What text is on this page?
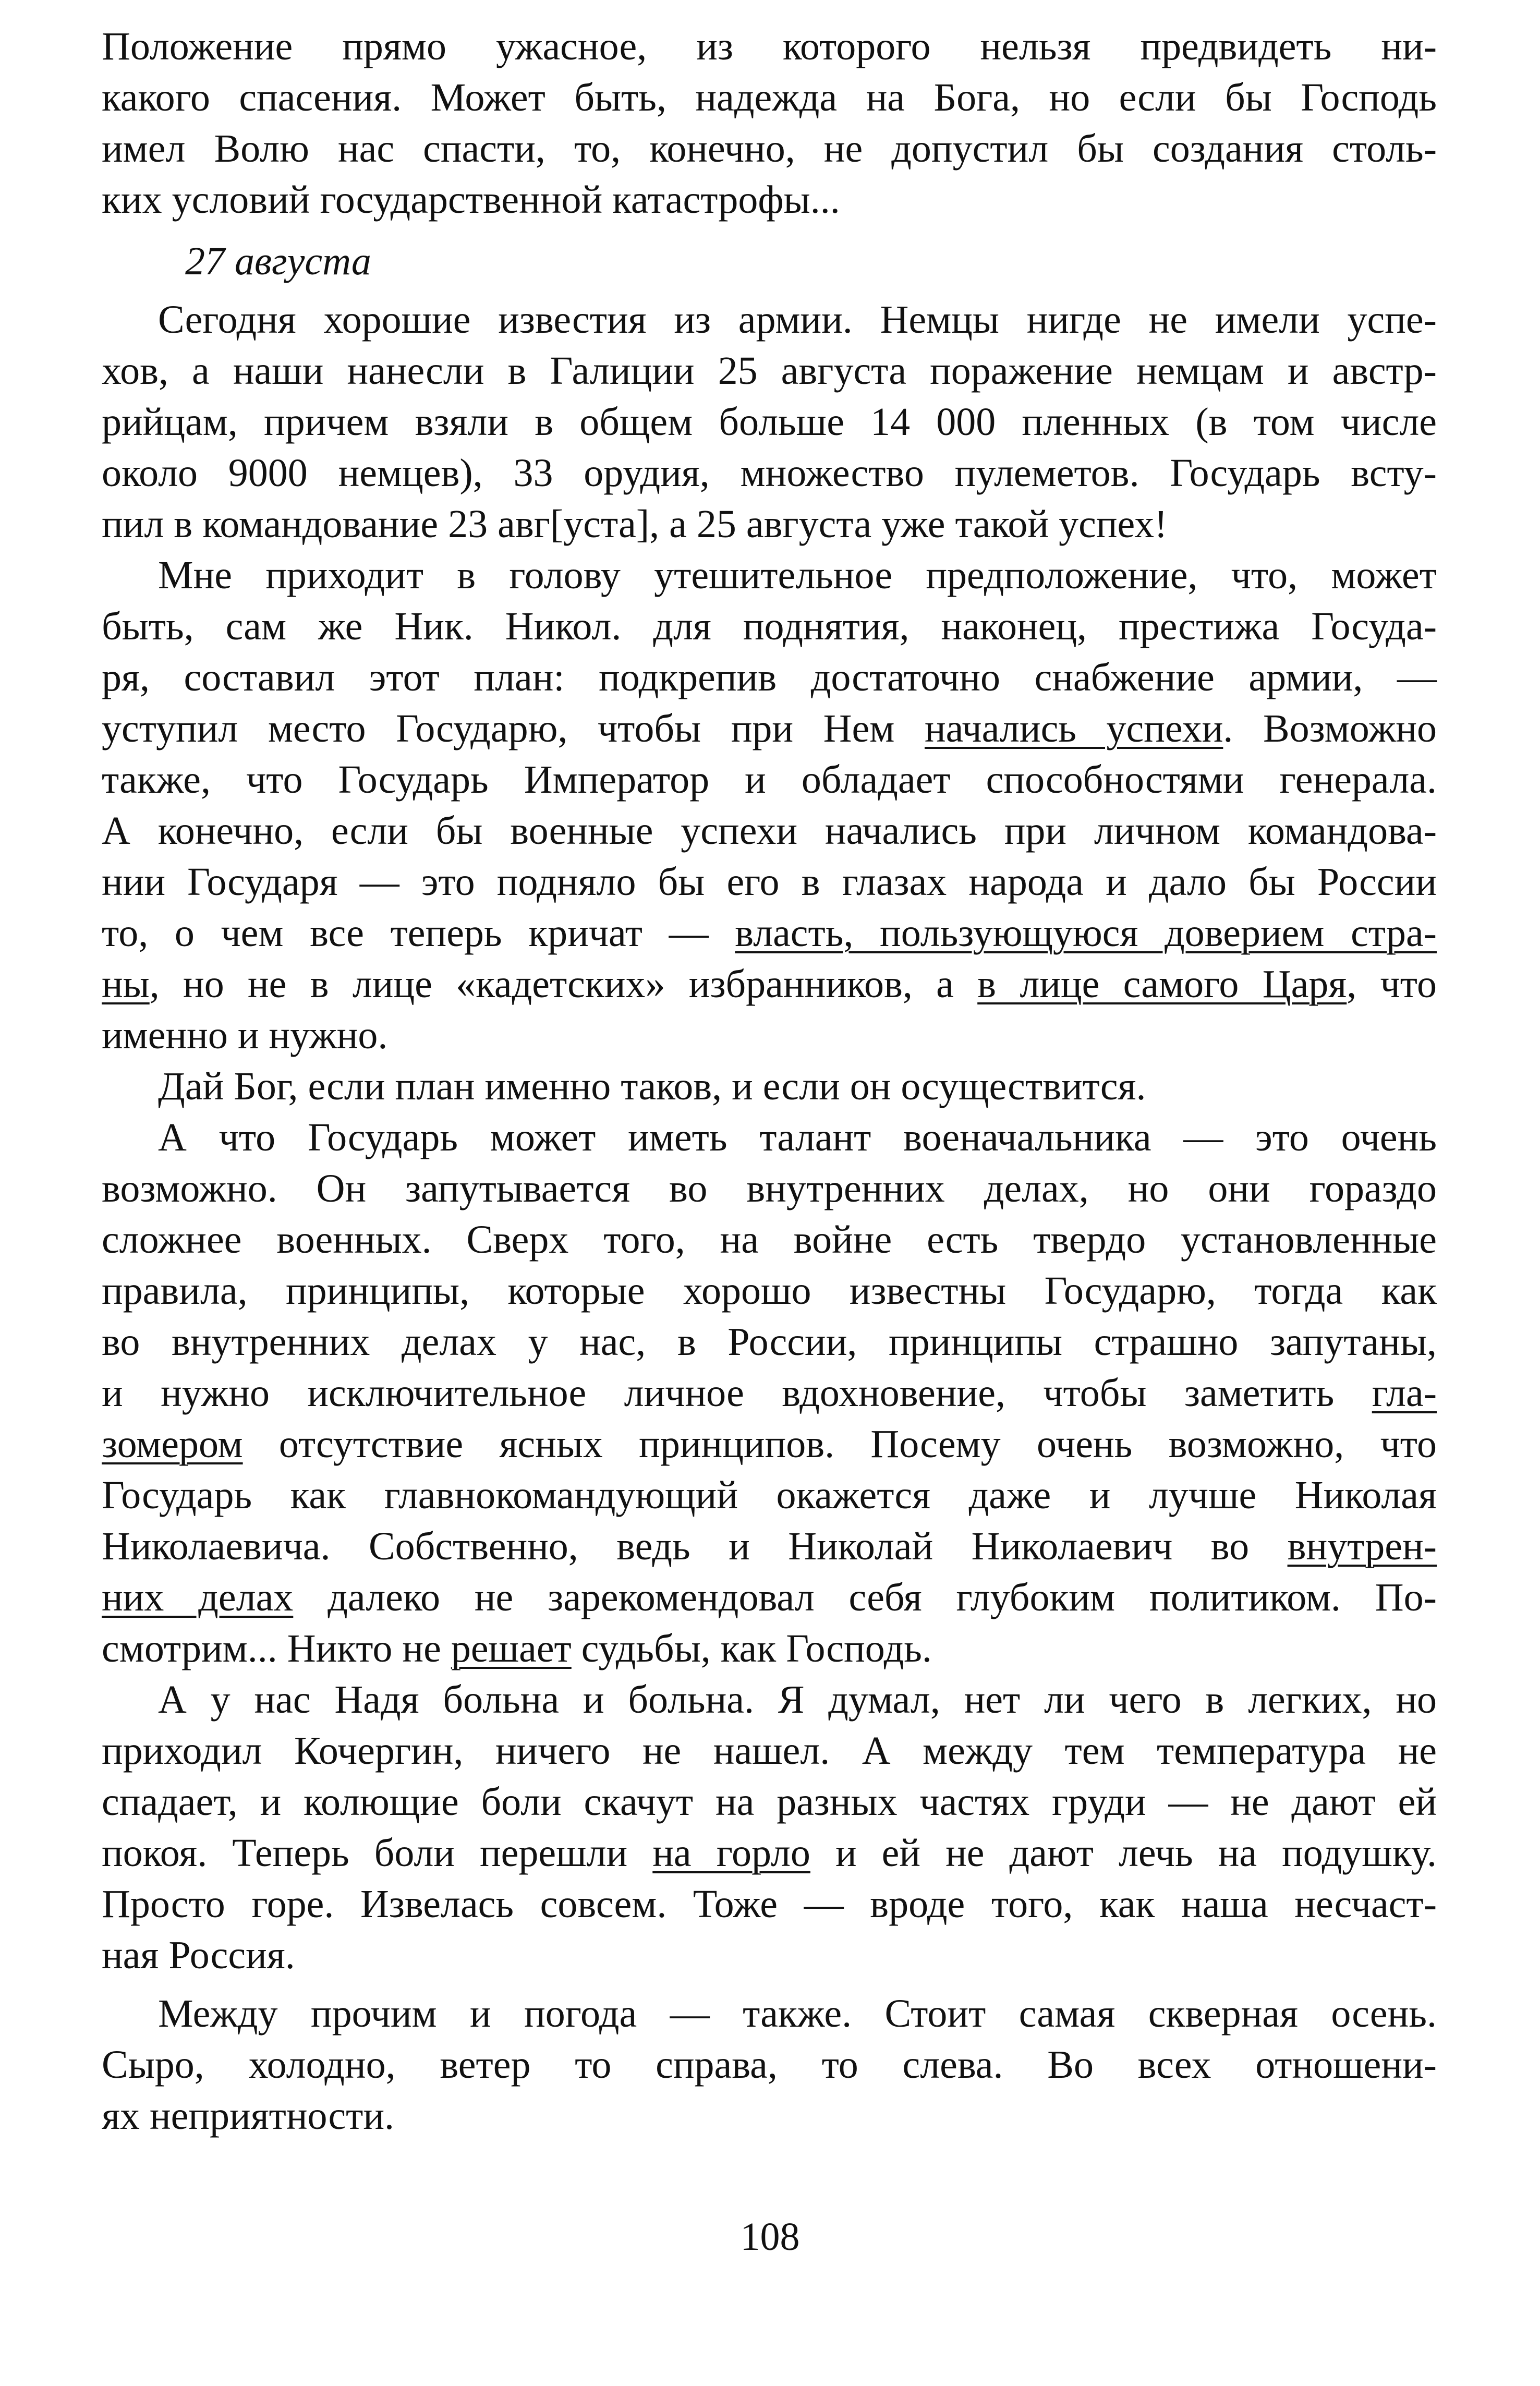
Положение прямо ужасное, из которого нельзя предвидеть ни-
какого спасения. Может быть, надежда на Бога, но если бы Господь
имел Волю нас спасти, то, конечно, не допустил бы создания столь-
ких условий государственной катастрофы...
27 августа
Сегодня хорошие известия из армии. Немцы нигде не имели успе-
хов, а наши нанесли в Галиции 25 августа поражение немцам и австр-
рийцам, причем взяли в общем больше 14 000 пленных (в том числе
около 9000 немцев), 33 орудия, множество пулеметов. Государь всту-
пил в командование 23 авг[уста], а 25 августа уже такой успех!
Мне приходит в голову утешительное предположение, что, может
быть, сам же Ник. Никол. для поднятия, наконец, престижа Госуда-
ря, составил этот план: подкрепив достаточно снабжение армии, —
уступил место Государю, чтобы при Нем начались успехи. Возможно
также, что Государь Император и обладает способностями генерала.
А конечно, если бы военные успехи начались при личном командова-
нии Государя — это подняло бы его в глазах народа и дало бы России
то, о чем все теперь кричат — власть, пользующуюся доверием стра-
ны, но не в лице «кадетских» избранников, а в лице самого Царя, что
именно и нужно.
Дай Бог, если план именно таков, и если он осуществится.
А что Государь может иметь талант военачальника — это очень
возможно. Он запутывается во внутренних делах, но они гораздо
сложнее военных. Сверх того, на войне есть твердо установленные
правила, принципы, которые хорошо известны Государю, тогда как
во внутренних делах у нас, в России, принципы страшно запутаны,
и нужно исключительное личное вдохновение, чтобы заметить гла-
зомером отсутствие ясных принципов. Посему очень возможно, что
Государь как главнокомандующий окажется даже и лучше Николая
Николаевича. Собственно, ведь и Николай Николаевич во внутрен-
них делах далеко не зарекомендовал себя глубоким политиком. По-
смотрим... Никто не решает судьбы, как Господь.
А у нас Надя больна и больна. Я думал, нет ли чего в легких, но
приходил Кочергин, ничего не нашел. А между тем температура не
спадает, и колющие боли скачут на разных частях груди — не дают ей
покоя. Теперь боли перешли на горло и ей не дают лечь на подушку.
Просто горе. Извелась совсем. Тоже — вроде того, как наша несчаст-
ная Россия.
Между прочим и погода — также. Стоит самая скверная осень.
Сыро, холодно, ветер то справа, то слева. Во всех отношени-
ях неприятности.
108
